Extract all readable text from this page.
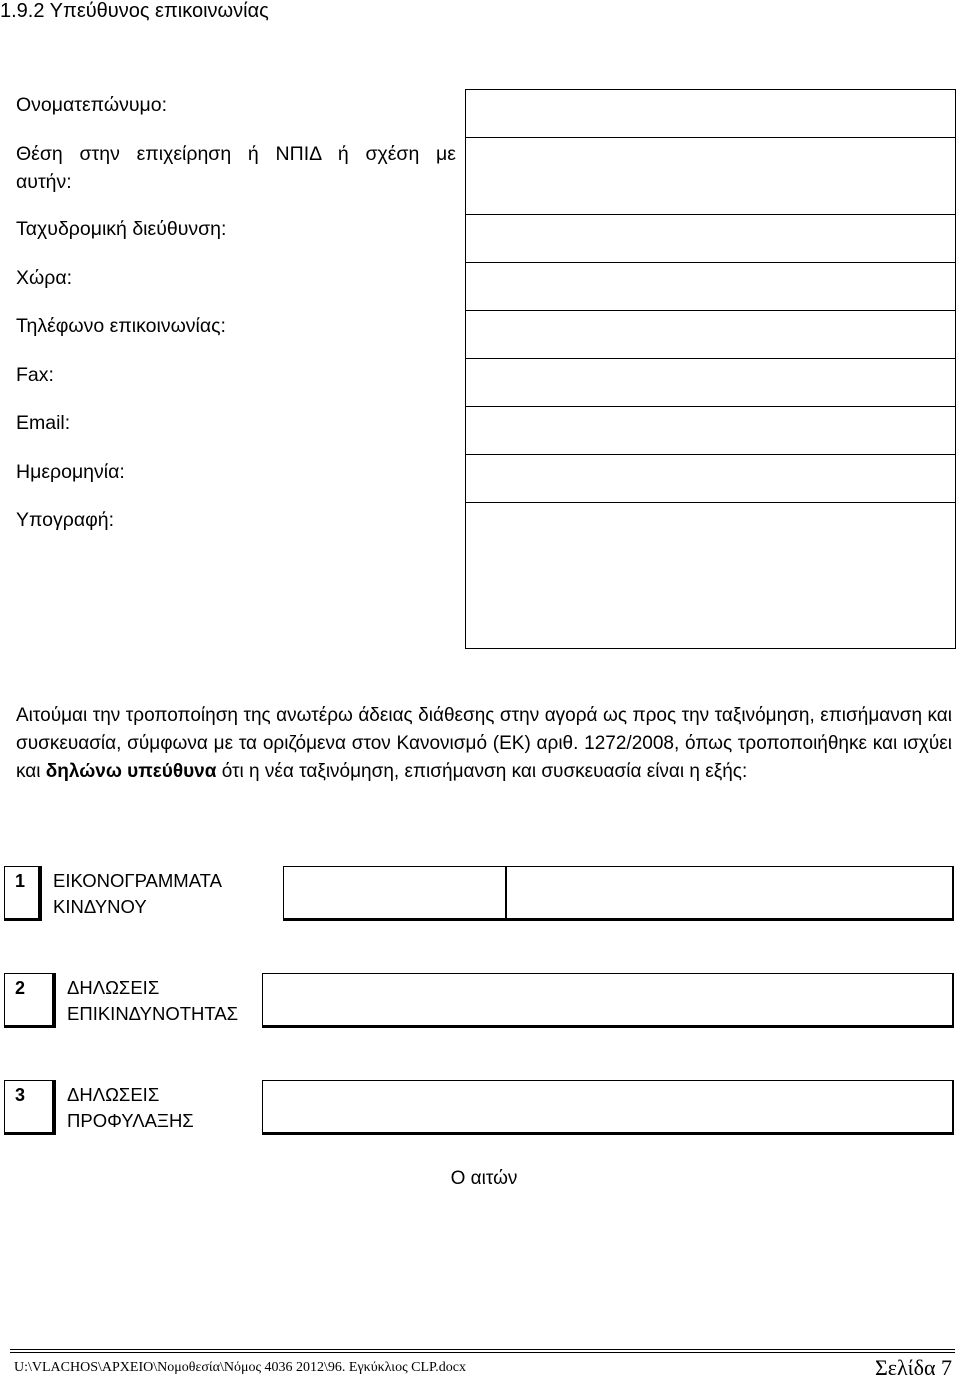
1.9.2 Υπεύθυνος επικοινωνίας
Ονοματεπώνυμο:
Θέση στην επιχείρηση ή ΝΠΙΔ ή σχέση με
αυτήν:
Ταχυδρομική διεύθυνση:
Χώρα:
Τηλέφωνο επικοινωνίας:
Fax:
Email:
Ημερομηνία:
Υπογραφή:
Αιτούμαι την τροποποίηση της ανωτέρω άδειας διάθεσης στην αγορά ως προς την ταξινόμηση, επισήμανση και συσκευασία, σύμφωνα με τα οριζόμενα στον Κανονισμό (ΕΚ) αριθ. 1272/2008, όπως τροποποιήθηκε και ισχύει και δηλώνω υπεύθυνα ότι η νέα ταξινόμηση, επισήμανση και συσκευασία είναι η εξής:
1	ΕΙΚΟΝΟΓΡΑΜΜΑΤΑ
ΚΙΝΔΥΝΟΥ
2	ΔΗΛΩΣΕΙΣ
ΕΠΙΚΙΝΔΥΝΟΤΗΤΑΣ
3	ΔΗΛΩΣΕΙΣ
ΠΡΟΦΥΛΑΞΗΣ
Ο αιτών
U:\VLACHOS\ΑΡΧΕΙΟ\Νομοθεσία\Νόμος 4036 2012\96. Εγκύκλιος CLP.docx	Σελίδα 7
